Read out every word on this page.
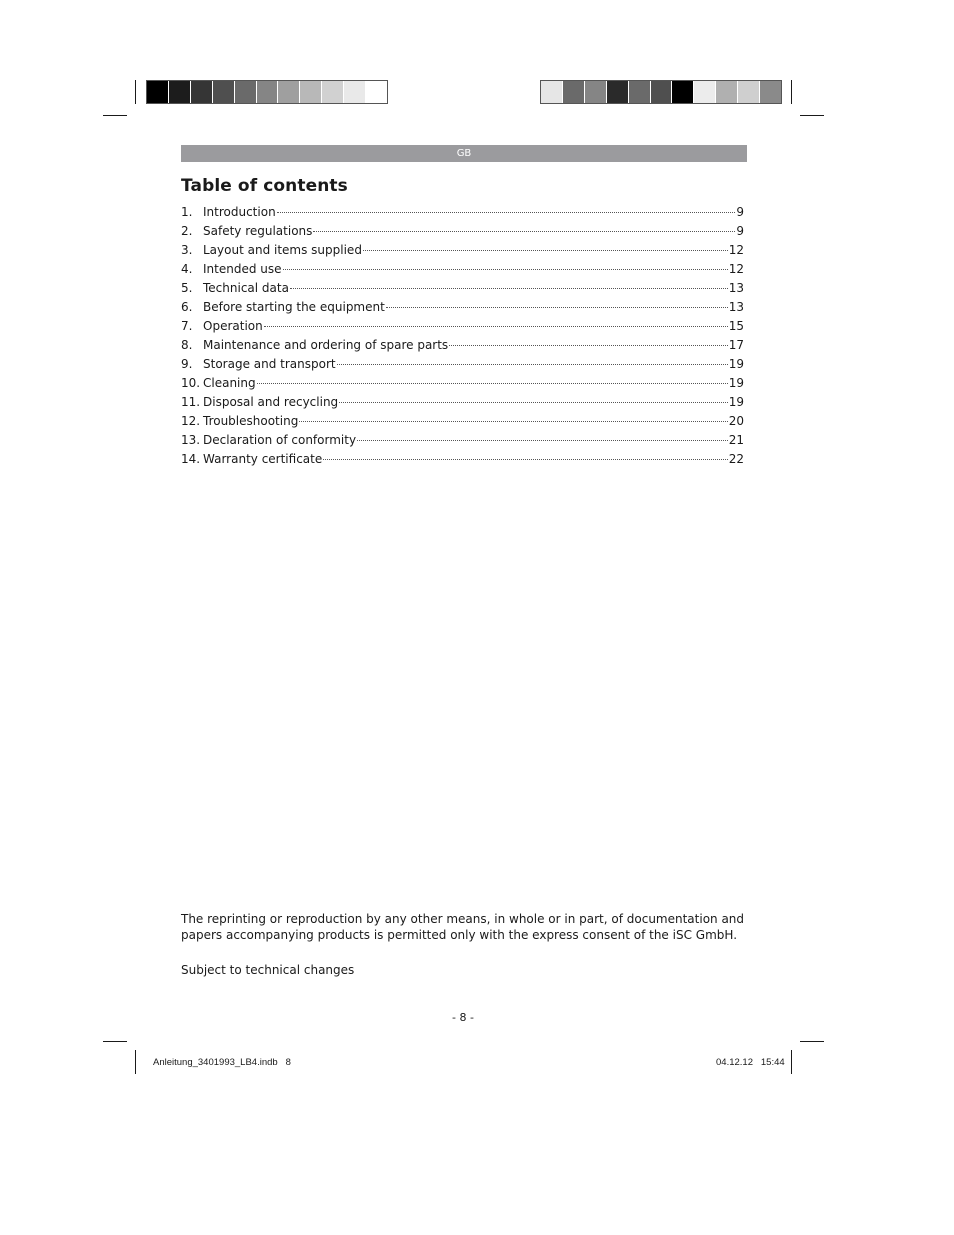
GB
Table of contents
1. Introduction	9
2. Safety regulations	9
3. Layout and items supplied	12
4. Intended use	12
5. Technical data	13
6. Before starting the equipment	13
7. Operation	15
8. Maintenance and ordering of spare parts	17
9. Storage and transport	19
10. Cleaning	19
11. Disposal and recycling	19
12. Troubleshooting	20
13. Declaration of conformity	21
14. Warranty certificate	22
The reprinting or reproduction by any other means, in whole or in part, of documentation and papers accompanying products is permitted only with the express consent of the iSC GmbH.
Subject to technical changes
- 8 -
Anleitung_3401993_LB4.indb   8	04.12.12   15:44
